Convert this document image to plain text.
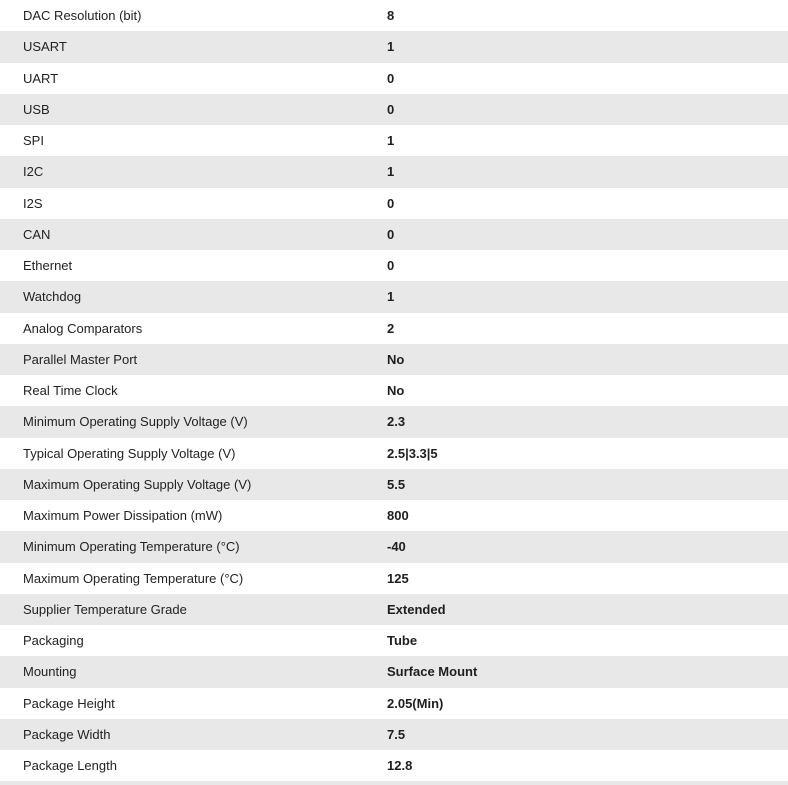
DAC Resolution (bit)	8
USART	1
UART	0
USB	0
SPI	1
I2C	1
I2S	0
CAN	0
Ethernet	0
Watchdog	1
Analog Comparators	2
Parallel Master Port	No
Real Time Clock	No
Minimum Operating Supply Voltage (V)	2.3
Typical Operating Supply Voltage (V)	2.5|3.3|5
Maximum Operating Supply Voltage (V)	5.5
Maximum Power Dissipation (mW)	800
Minimum Operating Temperature (°C)	-40
Maximum Operating Temperature (°C)	125
Supplier Temperature Grade	Extended
Packaging	Tube
Mounting	Surface Mount
Package Height	2.05(Min)
Package Width	7.5
Package Length	12.8
